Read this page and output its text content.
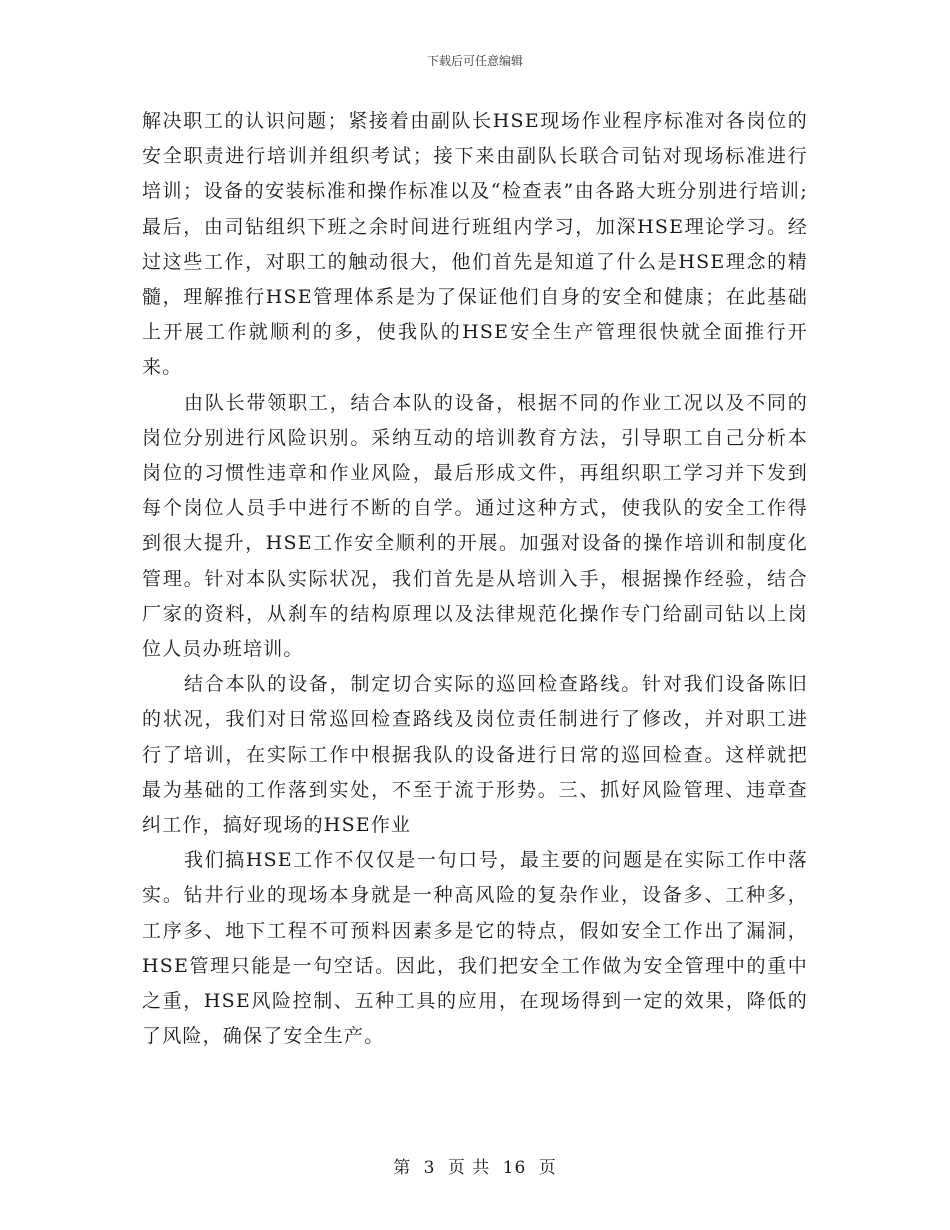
下载后可任意编辑

解决职工的认识问题；紧接着由副队长HSE现场作业程序标准对各岗位的安全职责进行培训并组织考试；接下来由副队长联合司钻对现场标准进行培训；设备的安装标准和操作标准以及“检查表”由各路大班分别进行培训;最后，由司钻组织下班之余时间进行班组内学习，加深HSE理论学习。经过这些工作，对职工的触动很大，他们首先是知道了什么是HSE理念的精髓，理解推行HSE管理体系是为了保证他们自身的安全和健康；在此基础上开展工作就顺利的多，使我队的HSE安全生产管理很快就全面推行开来。

由队长带领职工，结合本队的设备，根据不同的作业工况以及不同的岗位分别进行风险识别。采纳互动的培训教育方法，引导职工自己分析本岗位的习惯性违章和作业风险，最后形成文件，再组织职工学习并下发到每个岗位人员手中进行不断的自学。通过这种方式，使我队的安全工作得到很大提升，HSE工作安全顺利的开展。加强对设备的操作培训和制度化管理。针对本队实际状况，我们首先是从培训入手，根据操作经验，结合厂家的资料，从刹车的结构原理以及法律规范化操作专门给副司钻以上岗位人员办班培训。

结合本队的设备，制定切合实际的巡回检查路线。针对我们设备陈旧的状况，我们对日常巡回检查路线及岗位责任制进行了修改，并对职工进行了培训，在实际工作中根据我队的设备进行日常的巡回检查。这样就把最为基础的工作落到实处，不至于流于形势。三、抓好风险管理、违章查纠工作，搞好现场的HSE作业

我们搞HSE工作不仅仅是一句口号，最主要的问题是在实际工作中落实。钻井行业的现场本身就是一种高风险的复杂作业，设备多、工种多，工序多、地下工程不可预料因素多是它的特点，假如安全工作出了漏洞，HSE管理只能是一句空话。因此，我们把安全工作做为安全管理中的重中之重，HSE风险控制、五种工具的应用，在现场得到一定的效果，降低的了风险，确保了安全生产。

第 3 页 共 16 页
